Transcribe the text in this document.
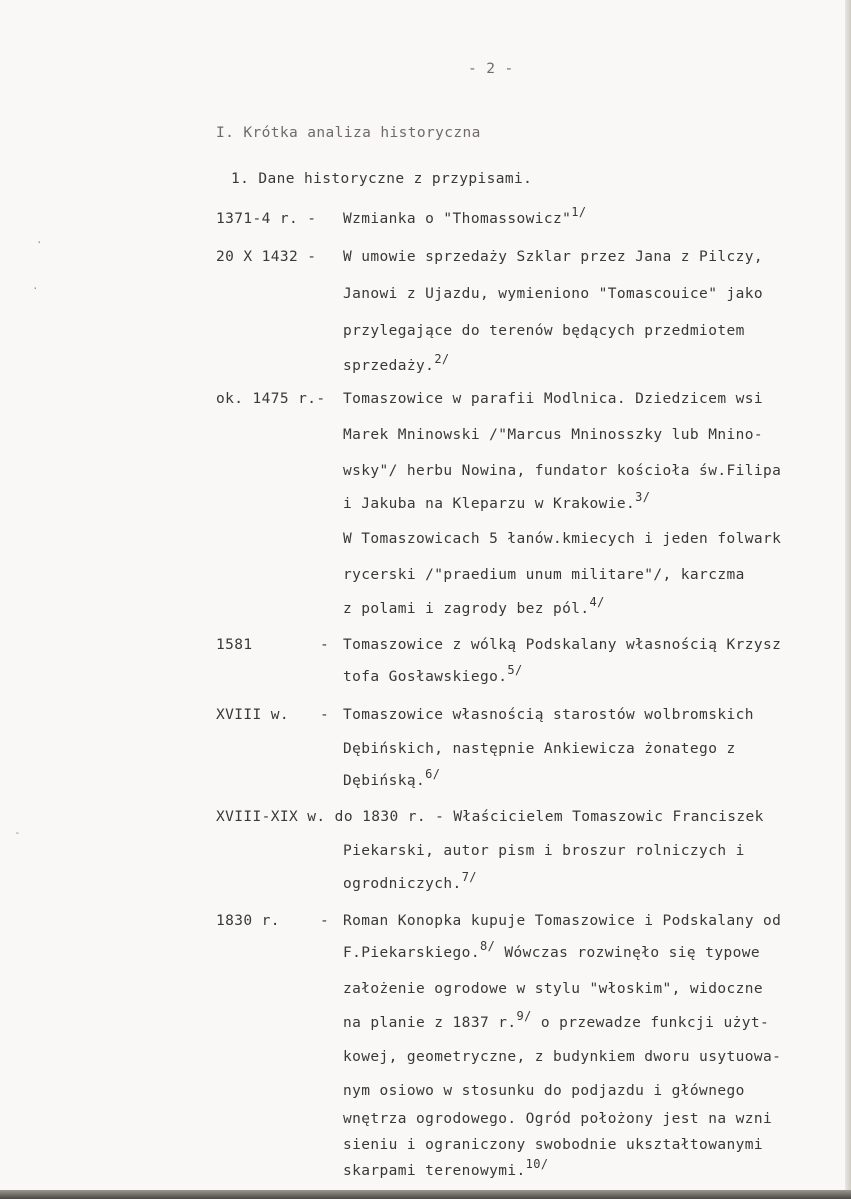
·
·
-
- 2 -
I. Krótka analiza historyczna
1. Dane historyczne z przypisami.
1371-4 r. - Wzmianka o "Thomassowicz"$^{1/}$
20 X 1432 - W umowie sprzedaży Szklar przez Jana z Pilczy,
Janowi z Ujazdu, wymieniono "Tomascouice" jako
przylegające do terenów będących przedmiotem
sprzedaży.$^{2/}$
ok. 1475 r.- Tomaszowice w parafii Modlnica. Dziedzicem wsi
Marek Mninowski /"Marcus Mninosszky lub Mnino-
wsky"/ herbu Nowina, fundator kościoła św.Filipa
i Jakuba na Kleparzu w Krakowie.$^{3/}$
W Tomaszowicach 5 łanów.kmiecych i jeden folwark
rycerski /"praedium unum militare"/, karczma
z polami i zagrody bez pól.$^{4/}$
1581	- Tomaszowice z wólką Podskalany własnością Krzysz
tofa Gosławskiego.$^{5/}$
XVIII w. - Tomaszowice własnością starostów wolbromskich
Dębińskich, następnie Ankiewicza żonatego z
Dębińską.$^{6/}$
XVIII-XIX w. do 1830 r. - Właścicielem Tomaszowic Franciszek
Piekarski, autor pism i broszur rolniczych i
ogrodniczych.$^{7/}$
1830 r.	- Roman Konopka kupuje Tomaszowice i Podskalany od
F.Piekarskiego.$^{8/}$ Wówczas rozwinęło się typowe
założenie ogrodowe w stylu "włoskim", widoczne
na planie z 1837 r.$^{9/}$ o przewadze funkcji użyt-
kowej, geometryczne, z budynkiem dworu usytuowa-
nym osiowo w stosunku do podjazdu i głównego
wnętrza ogrodowego. Ogród położony jest na wzni
sieniu i ograniczony swobodnie ukształtowanymi
skarpami terenowymi.$^{10/}$
